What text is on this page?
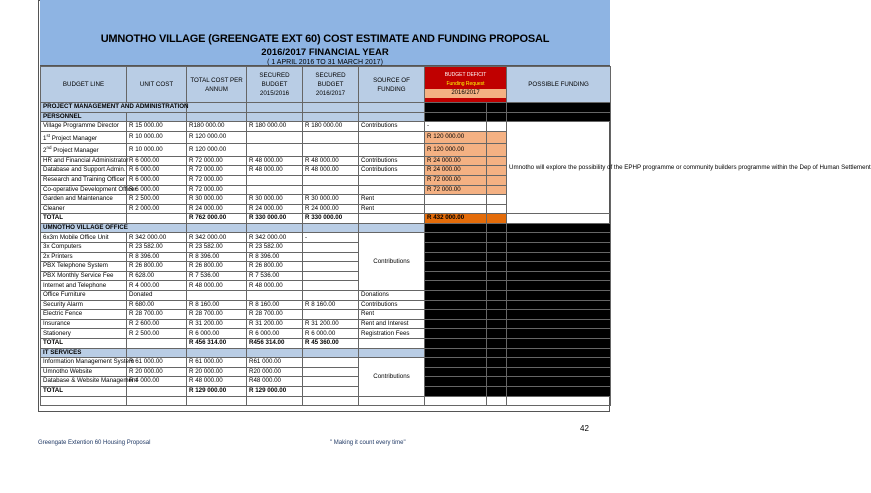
UMNOTHO VILLAGE (GREENGATE EXT 60) COST ESTIMATE AND FUNDING PROPOSAL
2016/2017 FINANCIAL YEAR
( 1 APRIL 2016 TO 31 MARCH 2017)
BUDGET LINE	UNIT COST	TOTAL COST PER ANNUM	SECURED BUDGET 2015/2016	SECURED BUDGET 2016/2017	SOURCE OF FUNDING	BUDGET DEFICIT
Funding Request
2016/2017		POSSIBLE FUNDING
PROJECT MANAGEMENT AND ADMINISTRATION								
PERSONNEL								
Village Programme Director	R 15 000.00	R180 000.00	R 180 000.00	R 180 000.00	Contributions	-		Umnotho will explore the possibility of the EPHP programme or community builders programme within the Dep of Human Settlement
1st Project Manager	R 10 000.00	R 120 000.00				R 120 000.00		
2nd Project Manager	R 10 000.00	R 120 000.00				R 120 000.00		
HR and Financial Administrator	R 6 000.00	R 72 000.00	R 48 000.00	R 48 000.00	Contributions	R 24 000.00		
Database and Support Admin.	R 6 000.00	R 72 000.00	R 48 000.00	R 48 000.00	Contributions	R 24 000.00		
Research and Training Officer	R 6 000.00	R 72 000.00				R 72 000.00		
Co-operative Development Officer	R 6 000.00	R 72 000.00				R 72 000.00		
Garden and Maintenance	R 2 500.00	R 30 000.00	R 30 000.00	R 30 000.00	Rent			
Cleaner	R 2 000.00	R 24 000.00	R 24 000.00	R 24 000.00	Rent			
TOTAL		R 762 000.00	R 330 000.00	R 330 000.00		R 432 000.00		
UMNOTHO VILLAGE OFFICE								
6x3m Mobile Office Unit	R 342 000.00	R 342 000.00	R 342 000.00	-	Contributions			
3x Computers	R 23 582.00	R 23 582.00	R 23 582.00					
2x Printers	R 8 396.00	R 8 396.00	R 8 396.00					
PBX Telephone System	R 26 800.00	R 26 800.00	R 26 800.00					
PBX Monthly Service Fee	R 628.00	R 7 536.00	R 7 536.00					
Internet and Telephone	R 4 000.00	R 48 000.00	R 48 000.00					
Office Furniture	Donated				Donations			
Security Alarm	R 680.00	R 8 160.00	R 8 160.00	R 8 160.00	Contributions			
Electric Fence	R 28 700.00	R 28 700.00	R 28 700.00		Rent			
Insurance	R 2 600.00	R 31 200.00	R 31 200.00	R 31 200.00	Rent and Interest			
Stationery	R 2 500.00	R 6 000.00	R 6 000.00	R 6 000.00	Registration Fees			
TOTAL		R 456 314.00	R456 314.00	R 45 360.00				
IT SERVICES								
Information Management System	R 61 000.00	R 61 000.00	R61 000.00		Contributions			
Umnotho Website	R 20 000.00	R 20 000.00	R20 000.00					
Database & Website Management	R 4 000.00	R 48 000.00	R48 000.00					
TOTAL		R 129 000.00	R 129 000.00					

42
Greengate Extention 60 Housing Proposal	" Making it count every time"
